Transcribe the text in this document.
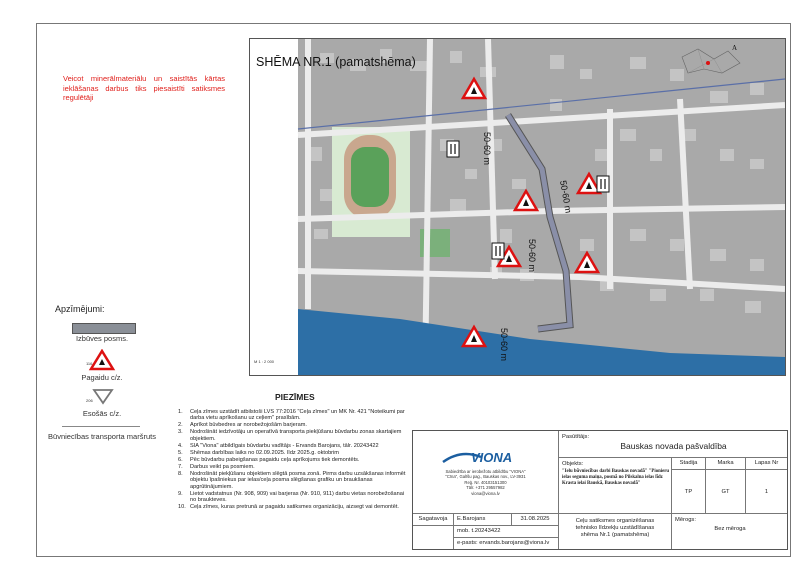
Veicot minerālmateriālu un saistītās kārtas ieklāšanas darbus tiks piesaistīti satiksmes regulētāji
50-60 m
50-60 m
50-60 m
50-60 m
M 1 : 2 000
A
SHĒMA NR.1 (pamatshēma)
Apzīmējumi:
Izbūves posms.
116
Pagaidu c/z.
206
Esošās c/z.
Būvniecības transporta maršruts
PIEZĪMES
1.	Ceļa zīmes uzstādīt atbilstoši LVS 77:2016 "Ceļa zīmes" un MK Nr. 421 "Noteikumi par darba vietu aprīkošanu uz ceļiem" prasībām.
2.	Aprīkot būvbedres ar norobežojošām barjeram.
3.	Nodrošināt iedzīvotāju un operatīvā transporta piekļūšanu būvdarbu zonas skartajiem objektiem.
4.	SIA "Viona" atbildīgais būvdarbu vadītājs - Ervands Barojans, tālr. 20243422
5.	Shēmas darbības laiks no 02.09.2025. līdz 2025.g. oktobrim
6.	Pēc būvdarbu pabeigšanas pagaidu ceļa aprīkojums tiek demontēts.
7.	Darbus veikt pa posmiem.
8.	Nodrošināt piekļūšanu objektiem slēgtā posma zonā. Pirms darbu uzsākšanas informēt objektu īpašniekus par ielas/ceļa posma slēgšanas grafiku un braukšanas apgrūtinājumiem.
9.	Lietot vadstatnus (Nr. 908, 909) vai barjeras (Nr. 910, 911) darbu vietas norobežošanai no braukteves.
10. Ceļa zīmes, kuras pretrunā ar pagaidu satiksmes organizāciju, aizsegt vai demontēt.
VIONA
Sabiedrība ar ierobežotu atbildību "VIONA"
"Cīna", Galīšu pag., Bauskas nov., LV-3931
Reģ. Nr. 40103151300
Tālr. +371 29557982
viona@viona.lv
Pasūtītājs:
Bauskas novada pašvaldība
Objekts:
"Ielu būvniecības darbi Bauskas novadā" "Pionieru ielas seguma maiņa, posmā no Pilskalna ielas līdz Krasta ielai Bauskā, Bauskas novadā"
Stadija	Marka	Lapas Nr
TP	GT	1
Sagatavoja	E.Barojans	31.08.2025
mob. t.20243422
e-pasts: ervands.barojans@viona.lv
Ceļu satiksmes organizēšanas tehnisko līdzekļu uzstādīšanas shēma Nr.1 (pamatshēma)
Mērogs:
Bez mēroga
